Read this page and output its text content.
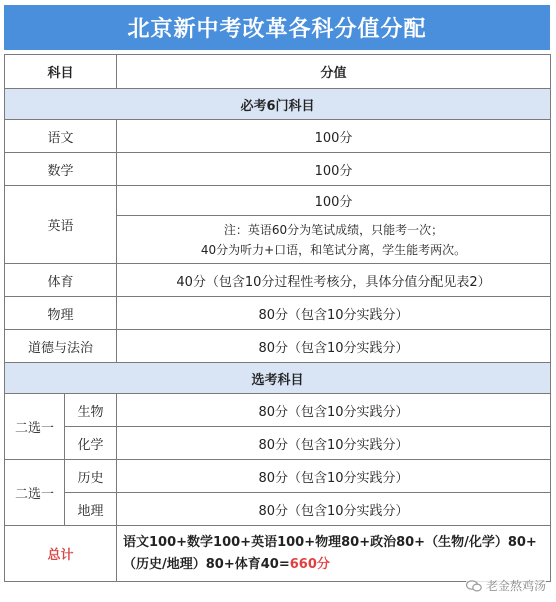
北京新中考改革各科分值分配
科目		分值
必考6门科目		
语文		100分
数学		100分
英语		100分

		注：英语60分为笔试成绩，只能考一次；
40分为听力+口语，和笔试分离，学生能考两次。

体育		40分（包含10分过程性考核分，具体分值分配见表2）
物理		80分（包含10分实践分）
道德与法治		80分（包含10分实践分）
选考科目		
二选一	生物	80分（包含10分实践分）
	化学	80分（包含10分实践分）
二选一	历史	80分（包含10分实践分）
	地理	80分（包含10分实践分）
总计		语文100+数学100+英语100+物理80+政治80+（生物/化学）80+（历史/地理）80+体育40=660分
老金熬鸡汤
